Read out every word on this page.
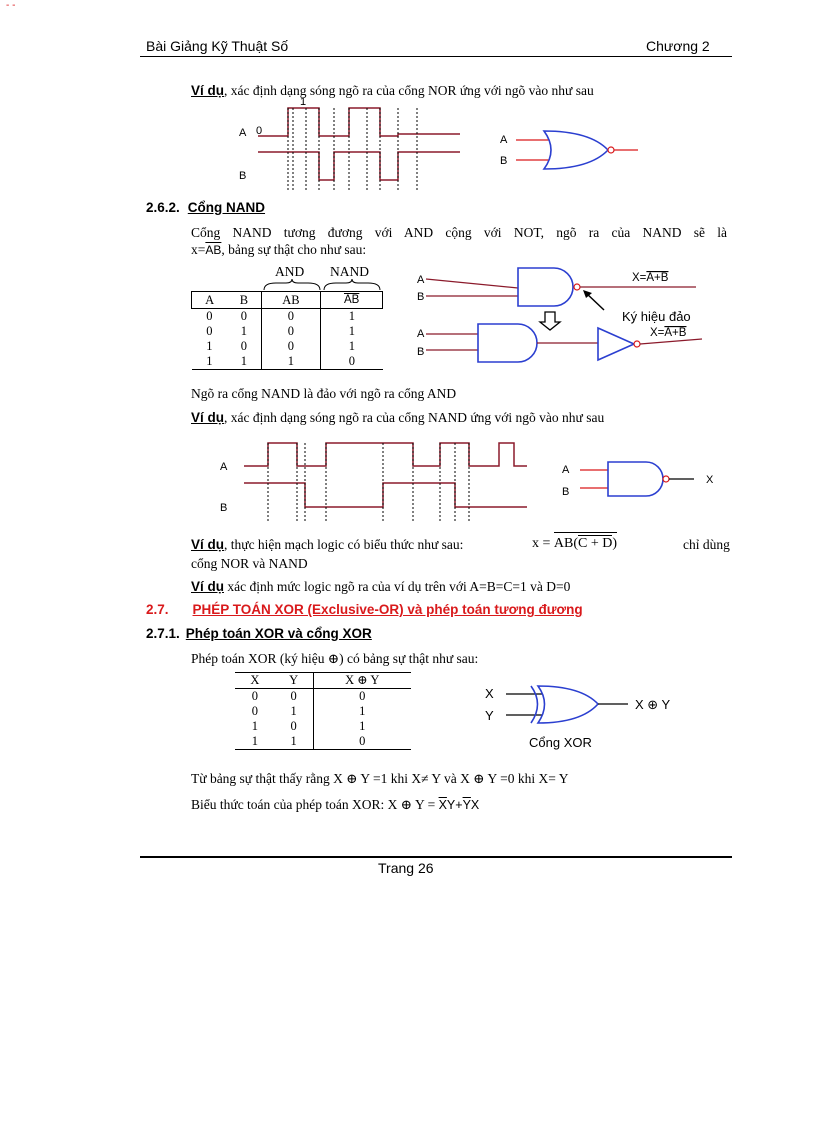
- -
Bài Giảng Kỹ Thuật Số	Chương 2
Ví dụ, xác định dạng sóng ngõ ra của cổng NOR ứng với ngõ vào như sau
A 0
1
B
A
B
2.6.2. Cổng NAND
Cổng NAND tương đương với AND cộng với NOT, ngõ ra của NAND sẽ là
$x=\overline{AB}$, bảng sự thật cho như sau:
AND NAND
A	B	AB	$\overline{AB}$
0	0	0	1
0	1	0	1
1	0	0	1
1	1	1	0
A
B
X=A+B
Ký hiệu đảo
A
B
X=A+B
Ngõ ra cổng NAND là đảo với ngõ ra cổng AND
Ví dụ, xác định dạng sóng ngõ ra của cổng NAND ứng với ngõ vào như sau
A
B
A
B
X
Ví dụ, thực hiện mạch logic có biểu thức như sau:	x = AB(C + D)	chỉ dùng
cổng NOR và NAND
Ví dụ xác định mức logic ngõ ra của ví dụ trên với A=B=C=1 và D=0
2.7. PHÉP TOÁN XOR (Exclusive-OR) và phép toán tương đương
2.7.1. Phép toán XOR và cổng XOR
Phép toán XOR (ký hiệu ⊕) có bảng sự thật như sau:
X	Y	X ⊕ Y
0	0	0
0	1	1
1	0	1
1	1	0
X
Y
X ⊕ Y
Cổng XOR
Từ bảng sự thật thấy rằng X ⊕ Y =1 khi X≠ Y và X ⊕ Y =0 khi X= Y
Biểu thức toán của phép toán XOR: X ⊕ $Y = \overline{X}Y+\overline{Y}X$
Trang 26
